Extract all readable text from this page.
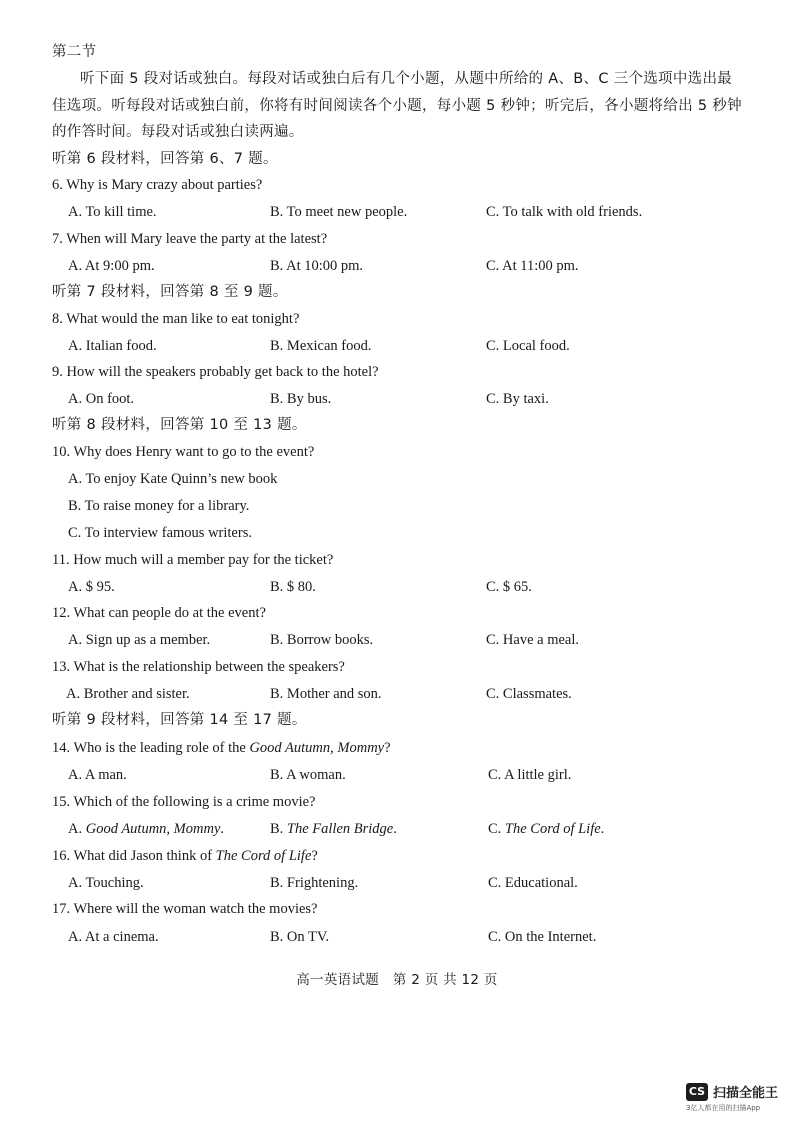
第二节
听下面 5 段对话或独白。每段对话或独白后有几个小题，从题中所给的 A、B、C 三个选项中选出最佳选项。听每段对话或独白前，你将有时间阅读各个小题，每小题 5 秒钟；听完后，各小题将给出 5 秒钟的作答时间。每段对话或独白读两遍。
听第 6 段材料，回答第 6、7 题。
6. Why is Mary crazy about parties?
A. To kill time.	B. To meet new people.	C. To talk with old friends.
7. When will Mary leave the party at the latest?
A. At 9:00 pm.	B. At 10:00 pm.	C. At 11:00 pm.
听第 7 段材料，回答第 8 至 9 题。
8. What would the man like to eat tonight?
A. Italian food.	B. Mexican food.	C. Local food.
9. How will the speakers probably get back to the hotel?
A. On foot.	B. By bus.	C. By taxi.
听第 8 段材料，回答第 10 至 13 题。
10. Why does Henry want to go to the event?
A. To enjoy Kate Quinn’s new book
B. To raise money for a library.
C. To interview famous writers.
11. How much will a member pay for the ticket?
A. $ 95.	B. $ 80.	C. $ 65.
12. What can people do at the event?
A. Sign up as a member.	B. Borrow books.	C. Have a meal.
13. What is the relationship between the speakers?
A. Brother and sister.	B. Mother and son.	C. Classmates.
听第 9 段材料，回答第 14 至 17 题。
14. Who is the leading role of the Good Autumn, Mommy?
A. A man.	B. A woman.	C. A little girl.
15. Which of the following is a crime movie?
A. Good Autumn, Mommy.	B. The Fallen Bridge.	C. The Cord of Life.
16. What did Jason think of The Cord of Life?
A. Touching.	B. Frightening.	C. Educational.
17. Where will the woman watch the movies?
A. At a cinema.	B. On TV.	C. On the Internet.
高一英语试题　第 2 页 共 12 页
CS 扫描全能王
3亿人都在用的扫描App
